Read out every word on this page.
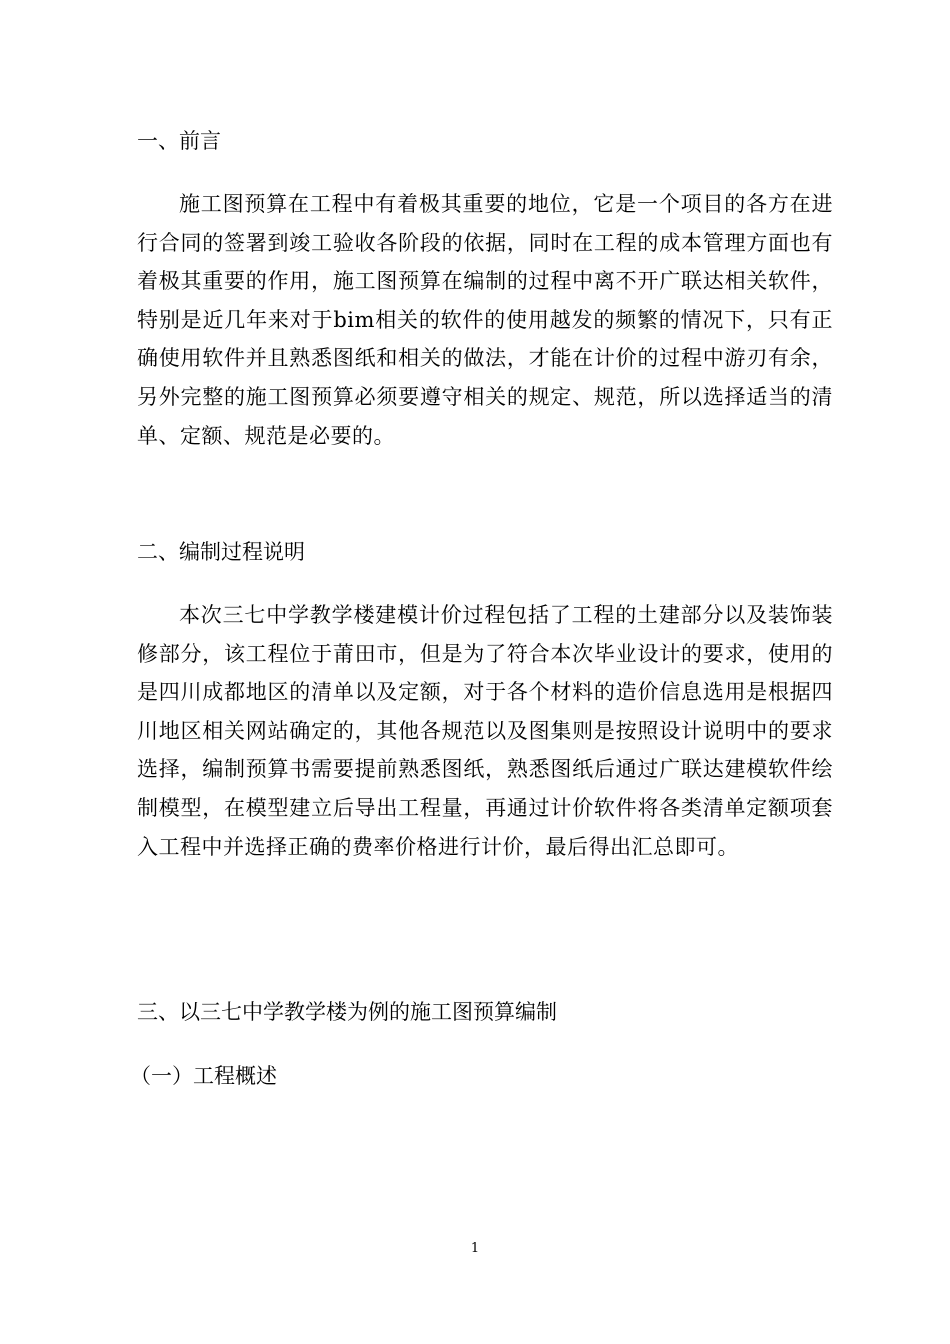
一、前言
施工图预算在工程中有着极其重要的地位，它是一个项目的各方在进行合同的签署到竣工验收各阶段的依据，同时在工程的成本管理方面也有着极其重要的作用，施工图预算在编制的过程中离不开广联达相关软件，特别是近几年来对于bim相关的软件的使用越发的频繁的情况下，只有正确使用软件并且熟悉图纸和相关的做法，才能在计价的过程中游刃有余，另外完整的施工图预算必须要遵守相关的规定、规范，所以选择适当的清单、定额、规范是必要的。
二、编制过程说明
本次三七中学教学楼建模计价过程包括了工程的土建部分以及装饰装修部分，该工程位于莆田市，但是为了符合本次毕业设计的要求，使用的是四川成都地区的清单以及定额，对于各个材料的造价信息选用是根据四川地区相关网站确定的，其他各规范以及图集则是按照设计说明中的要求选择，编制预算书需要提前熟悉图纸，熟悉图纸后通过广联达建模软件绘制模型，在模型建立后导出工程量，再通过计价软件将各类清单定额项套入工程中并选择正确的费率价格进行计价，最后得出汇总即可。
三、以三七中学教学楼为例的施工图预算编制
（一）工程概述
1
